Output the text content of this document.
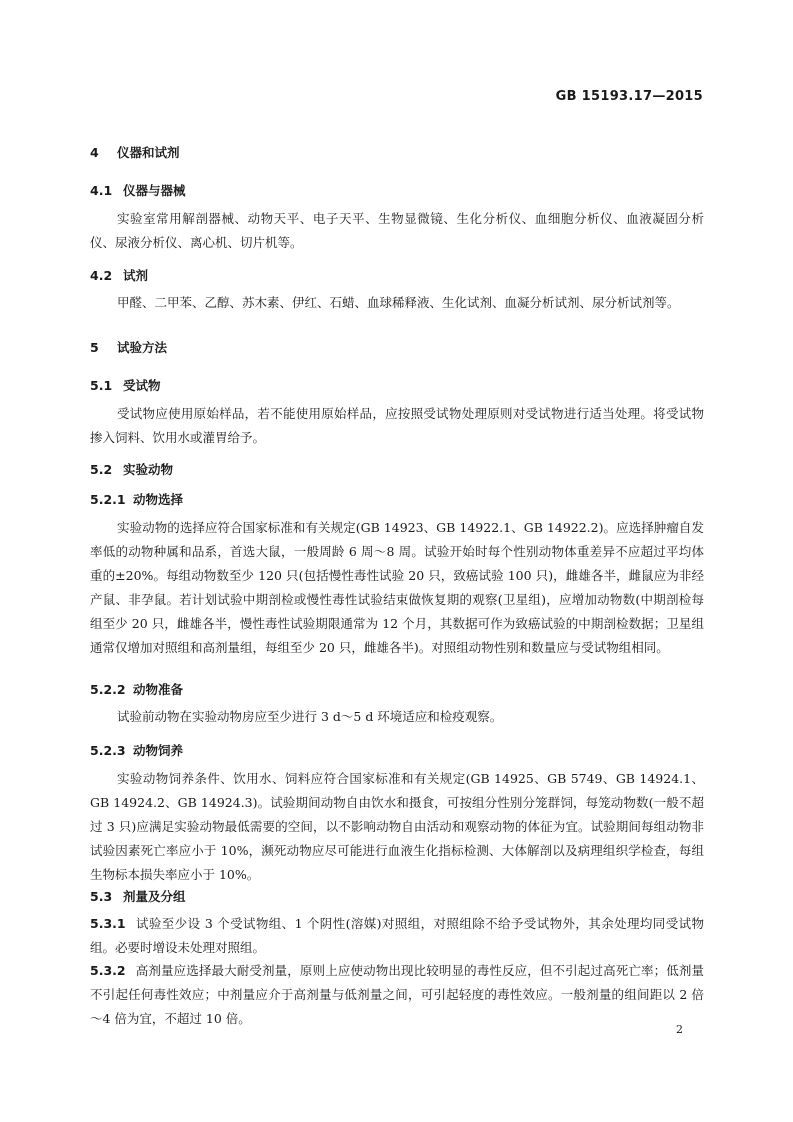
GB 15193.17—2015
4 仪器和试剂
4.1 仪器与器械
实验室常用解剖器械、动物天平、电子天平、生物显微镜、生化分析仪、血细胞分析仪、血液凝固分析仪、尿液分析仪、离心机、切片机等。
4.2 试剂
甲醛、二甲苯、乙醇、苏木素、伊红、石蜡、血球稀释液、生化试剂、血凝分析试剂、尿分析试剂等。
5 试验方法
5.1 受试物
受试物应使用原始样品，若不能使用原始样品，应按照受试物处理原则对受试物进行适当处理。将受试物掺入饲料、饮用水或灌胃给予。
5.2 实验动物
5.2.1 动物选择
实验动物的选择应符合国家标准和有关规定(GB 14923、GB 14922.1、GB 14922.2)。应选择肿瘤自发率低的动物种属和品系，首选大鼠，一般周龄 6 周～8 周。试验开始时每个性别动物体重差异不应超过平均体重的±20%。每组动物数至少 120 只(包括慢性毒性试验 20 只，致癌试验 100 只)，雌雄各半，雌鼠应为非经产鼠、非孕鼠。若计划试验中期剖检或慢性毒性试验结束做恢复期的观察(卫星组)，应增加动物数(中期剖检每组至少 20 只，雌雄各半，慢性毒性试验期限通常为 12 个月，其数据可作为致癌试验的中期剖检数据；卫星组通常仅增加对照组和高剂量组，每组至少 20 只，雌雄各半)。对照组动物性别和数量应与受试物组相同。
5.2.2 动物准备
试验前动物在实验动物房应至少进行 3 d～5 d 环境适应和检疫观察。
5.2.3 动物饲养
实验动物饲养条件、饮用水、饲料应符合国家标准和有关规定(GB 14925、GB 5749、GB 14924.1、GB 14924.2、GB 14924.3)。试验期间动物自由饮水和摄食，可按组分性别分笼群饲，每笼动物数(一般不超过 3 只)应满足实验动物最低需要的空间，以不影响动物自由活动和观察动物的体征为宜。试验期间每组动物非试验因素死亡率应小于 10%，濒死动物应尽可能进行血液生化指标检测、大体解剖以及病理组织学检查，每组生物标本损失率应小于 10%。
5.3 剂量及分组
5.3.1 试验至少设 3 个受试物组、1 个阴性(溶媒)对照组，对照组除不给予受试物外，其余处理均同受试物组。必要时增设未处理对照组。
5.3.2 高剂量应选择最大耐受剂量，原则上应使动物出现比较明显的毒性反应，但不引起过高死亡率；低剂量不引起任何毒性效应；中剂量应介于高剂量与低剂量之间，可引起轻度的毒性效应。一般剂量的组间距以 2 倍～4 倍为宜，不超过 10 倍。
2
